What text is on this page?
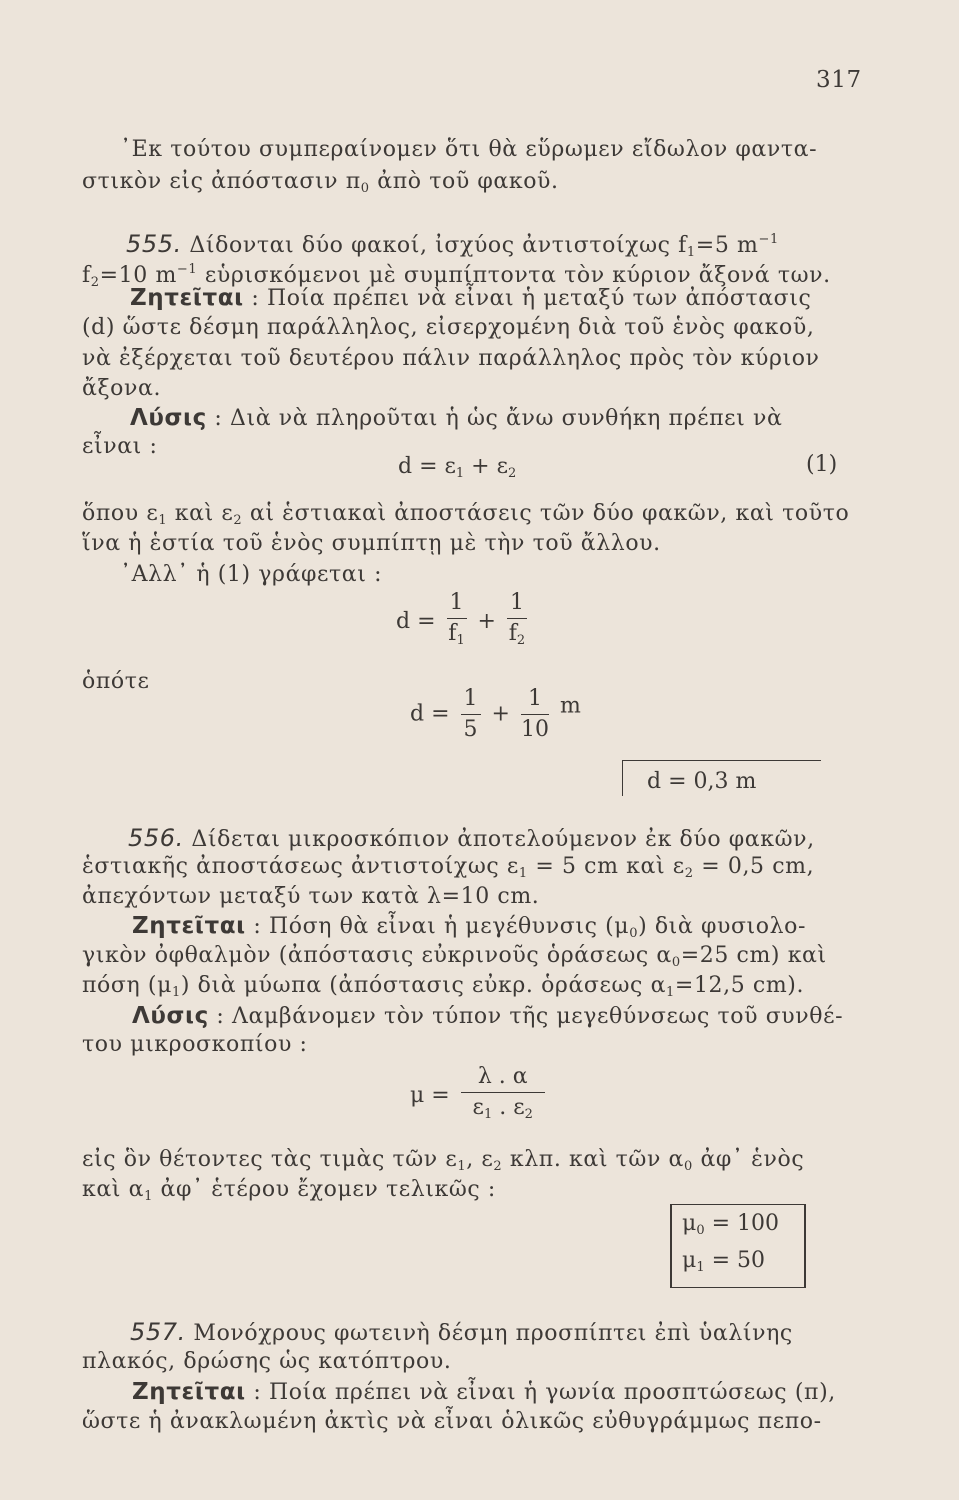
317
᾿Εκ τούτου συμπεραίνομεν ὅτι θὰ εὕρωμεν εἴδωλον φαντα-
στικὸν εἰς ἀπόστασιν $\pi_0$ ἀπὸ τοῦ φακοῦ.
555. Δίδονται δύο φακοί, ἰσχύος ἀντιστοίχως $f_1=5$ $m^{-1}$
$f_2=10$ $m^{-1}$ εὑρισκόμενοι μὲ συμπίπτοντα τὸν κύριον ἄξονά των.
Ζητεῖται : Ποία πρέπει νὰ εἶναι ἡ μεταξύ των ἀπόστασις
(d) ὥστε δέσμη παράλληλος, εἰσερχομένη διὰ τοῦ ἑνὸς φακοῦ,
νὰ ἐξέρχεται τοῦ δευτέρου πάλιν παράλληλος πρὸς τὸν κύριον
ἄξονα.
Λύσις : Διὰ νὰ πληροῦται ἡ ὡς ἄνω συνθήκη πρέπει νὰ
εἶναι :
$d = \varepsilon_1 + \varepsilon_2$	(1)
ὅπου $\varepsilon_1$ καὶ $\varepsilon_2$ αἱ ἑστιακαὶ ἀποστάσεις τῶν δύο φακῶν, καὶ τοῦτο
ἵνα ἡ ἑστία τοῦ ἑνὸς συμπίπτῃ μὲ τὴν τοῦ ἄλλου.
᾿Αλλ᾿ ἡ (1) γράφεται :
$d = \frac{1}{f_1} + \frac{1}{f_2}$
ὁπότε
$d = \frac{1}{5} + \frac{1}{10}$ m
d = 0,3 m
556. Δίδεται μικροσκόπιον ἀποτελούμενον ἐκ δύο φακῶν,
ἑστιακῆς ἀποστάσεως ἀντιστοίχως $\varepsilon_1 = 5$ cm καὶ $\varepsilon_2 = 0,5$ cm,
ἀπεχόντων μεταξύ των κατὰ λ=10 cm.
Ζητεῖται : Πόση θὰ εἶναι ἡ μεγέθυνσις $(\mu_0)$ διὰ φυσιολο-
γικὸν ὀφθαλμὸν (ἀπόστασις εὐκρινοῦς ὁράσεως $\alpha_0=25$ cm) καὶ
πόση $(\mu_1)$ διὰ μύωπα (ἀπόστασις εὐκρ. ὁράσεως $\alpha_1=12,5$ cm).
Λύσις : Λαμβάνομεν τὸν τύπον τῆς μεγεθύνσεως τοῦ συνθέ-
του μικροσκοπίου :
$\mu = \frac{\lambda . \alpha}{\varepsilon_1 . \varepsilon_2}$
εἰς ὃν θέτοντες τὰς τιμὰς τῶν $\varepsilon_1$, $\varepsilon_2$ κλπ. καὶ τῶν $\alpha_0$ ἀφ᾿ ἑνὸς
καὶ $\alpha_1$ ἀφ᾿ ἑτέρου ἔχομεν τελικῶς :
$\mu_0 = 100$
$\mu_1 = 50$
557. Μονόχρους φωτεινὴ δέσμη προσπίπτει ἐπὶ ὑαλίνης
πλακός, δρώσης ὡς κατόπτρου.
Ζητεῖται : Ποία πρέπει νὰ εἶναι ἡ γωνία προσπτώσεως (π),
ὥστε ἡ ἀνακλωμένη ἀκτὶς νὰ εἶναι ὁλικῶς εὐθυγράμμως πεπο-
